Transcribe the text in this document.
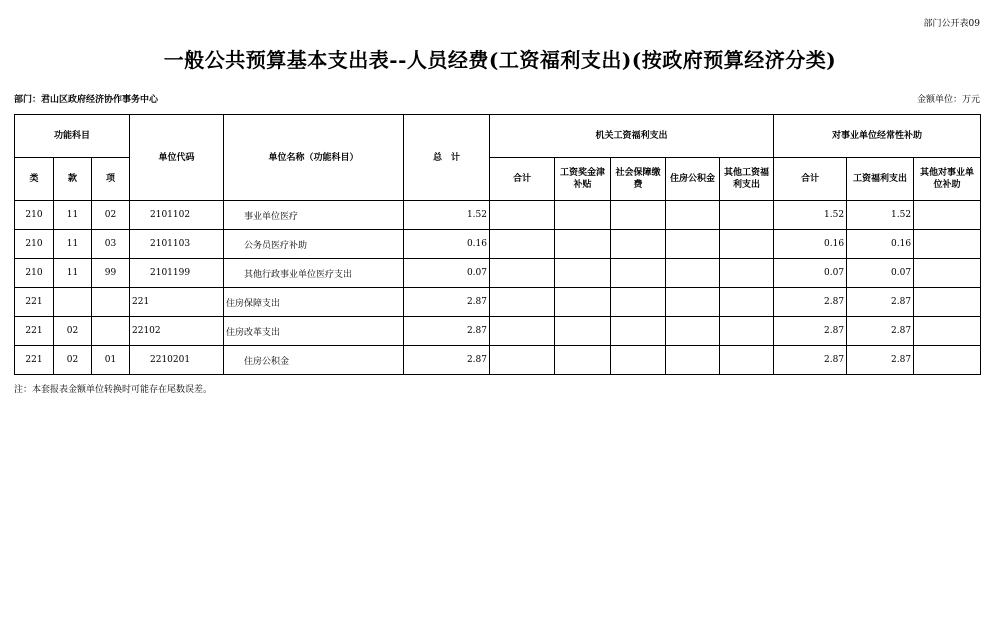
部门公开表09
一般公共预算基本支出表--人员经费(工资福利支出)(按政府预算经济分类)
部门：君山区政府经济协作事务中心	金额单位：万元
功能科目			单位代码	单位名称（功能科目）	总　计	机关工资福利支出					对事业单位经常性补助		
类	款	项				合计	工资奖金津补贴	社会保障缴费	住房公积金	其他工资福利支出	合计	工资福利支出	其他对事业单位补助
210	11	02	2101102	事业单位医疗	1.52						1.52	1.52	
210	11	03	2101103	公务员医疗补助	0.16						0.16	0.16	
210	11	99	2101199	其他行政事业单位医疗支出	0.07						0.07	0.07	
221			221	住房保障支出	2.87						2.87	2.87	
221	02		22102	住房改革支出	2.87						2.87	2.87	
221	02	01	2210201	住房公积金	2.87						2.87	2.87	
注：本套报表金额单位转换时可能存在尾数误差。
